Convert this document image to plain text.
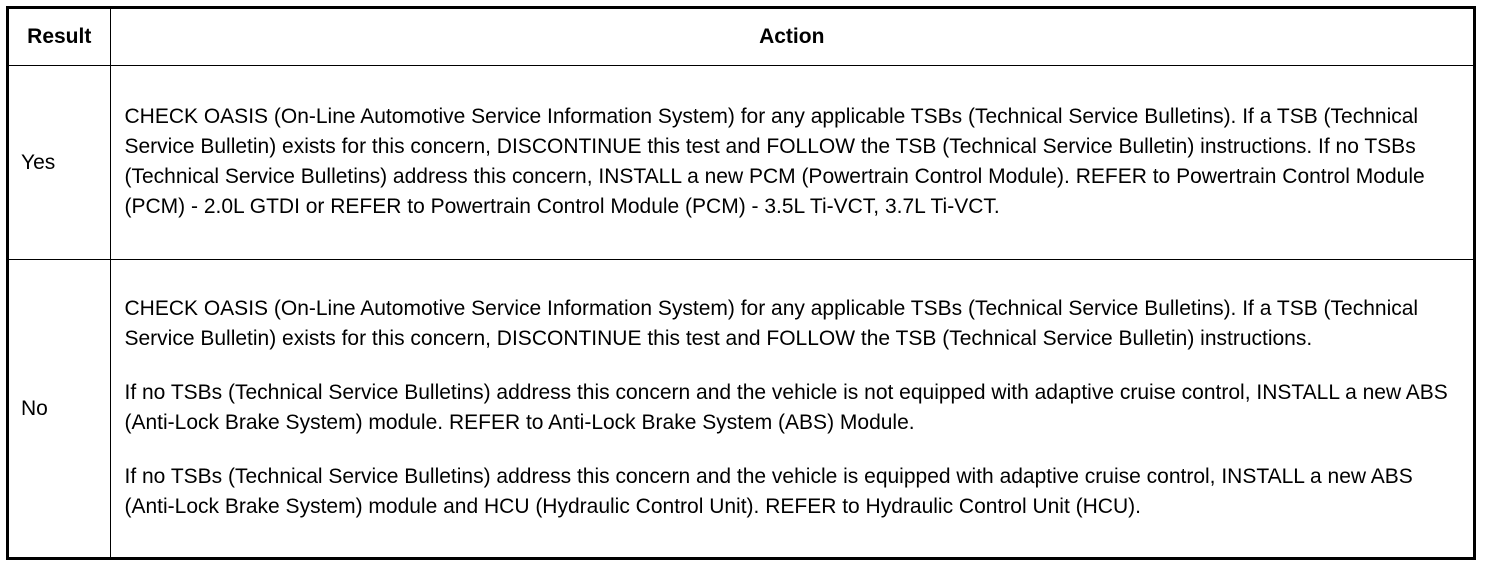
Result	Action
Yes	CHECK OASIS (On-Line Automotive Service Information System) for any applicable TSBs (Technical Service Bulletins). If a TSB (Technical Service Bulletin) exists for this concern, DISCONTINUE this test and FOLLOW the TSB (Technical Service Bulletin) instructions. If no TSBs (Technical Service Bulletins) address this concern, INSTALL a new PCM (Powertrain Control Module). REFER to Powertrain Control Module (PCM) - 2.0L GTDI or REFER to Powertrain Control Module (PCM) - 3.5L Ti-VCT, 3.7L Ti-VCT.

No	CHECK OASIS (On-Line Automotive Service Information System) for any applicable TSBs (Technical Service Bulletins). If a TSB (Technical Service Bulletin) exists for this concern, DISCONTINUE this test and FOLLOW the TSB (Technical Service Bulletin) instructions.

If no TSBs (Technical Service Bulletins) address this concern and the vehicle is not equipped with adaptive cruise control, INSTALL a new ABS (Anti-Lock Brake System) module. REFER to Anti-Lock Brake System (ABS) Module.

If no TSBs (Technical Service Bulletins) address this concern and the vehicle is equipped with adaptive cruise control, INSTALL a new ABS (Anti-Lock Brake System) module and HCU (Hydraulic Control Unit). REFER to Hydraulic Control Unit (HCU).
